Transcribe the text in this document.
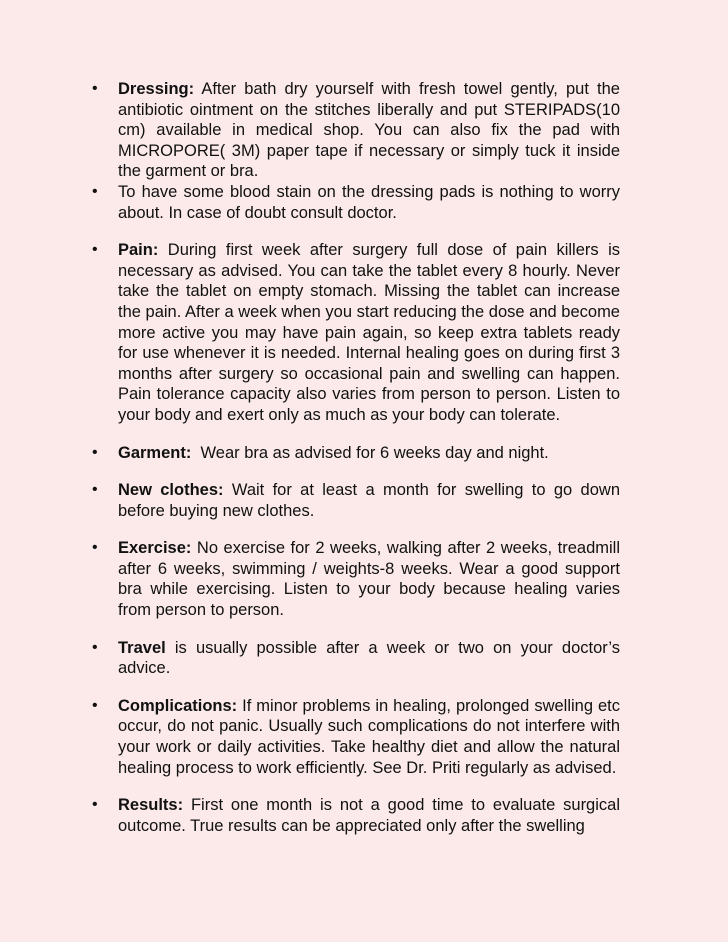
•	Dressing: After bath dry yourself with fresh towel gently, put the antibiotic ointment on the stitches liberally and put STERIPADS(10 cm) available in medical shop. You can also fix the pad with MICROPORE( 3M) paper tape if necessary or simply tuck it inside the garment or bra.
•	To have some blood stain on the dressing pads is nothing to worry about. In case of doubt consult doctor.
•	Pain: During first week after surgery full dose of pain killers is necessary as advised. You can take the tablet every 8 hourly. Never take the tablet on empty stomach. Missing the tablet can increase the pain. After a week when you start reducing the dose and become more active you may have pain again, so keep extra tablets ready for use whenever it is needed. Internal healing goes on during first 3 months after surgery so occasional pain and swelling can happen. Pain tolerance capacity also varies from person to person. Listen to your body and exert only as much as your body can tolerate.
•	Garment:  Wear bra as advised for 6 weeks day and night.
•	New clothes: Wait for at least a month for swelling to go down before buying new clothes.
•	Exercise: No exercise for 2 weeks, walking after 2 weeks, treadmill after 6 weeks, swimming / weights-8 weeks. Wear a good support bra while exercising. Listen to your body because healing varies from person to person.
•	Travel is usually possible after a week or two on your doctor’s advice.
•	Complications: If minor problems in healing, prolonged swelling etc occur, do not panic. Usually such complications do not interfere with your work or daily activities. Take healthy diet and allow the natural healing process to work efficiently. See Dr. Priti regularly as advised.
•	Results: First one month is not a good time to evaluate surgical outcome. True results can be appreciated only after the swelling
